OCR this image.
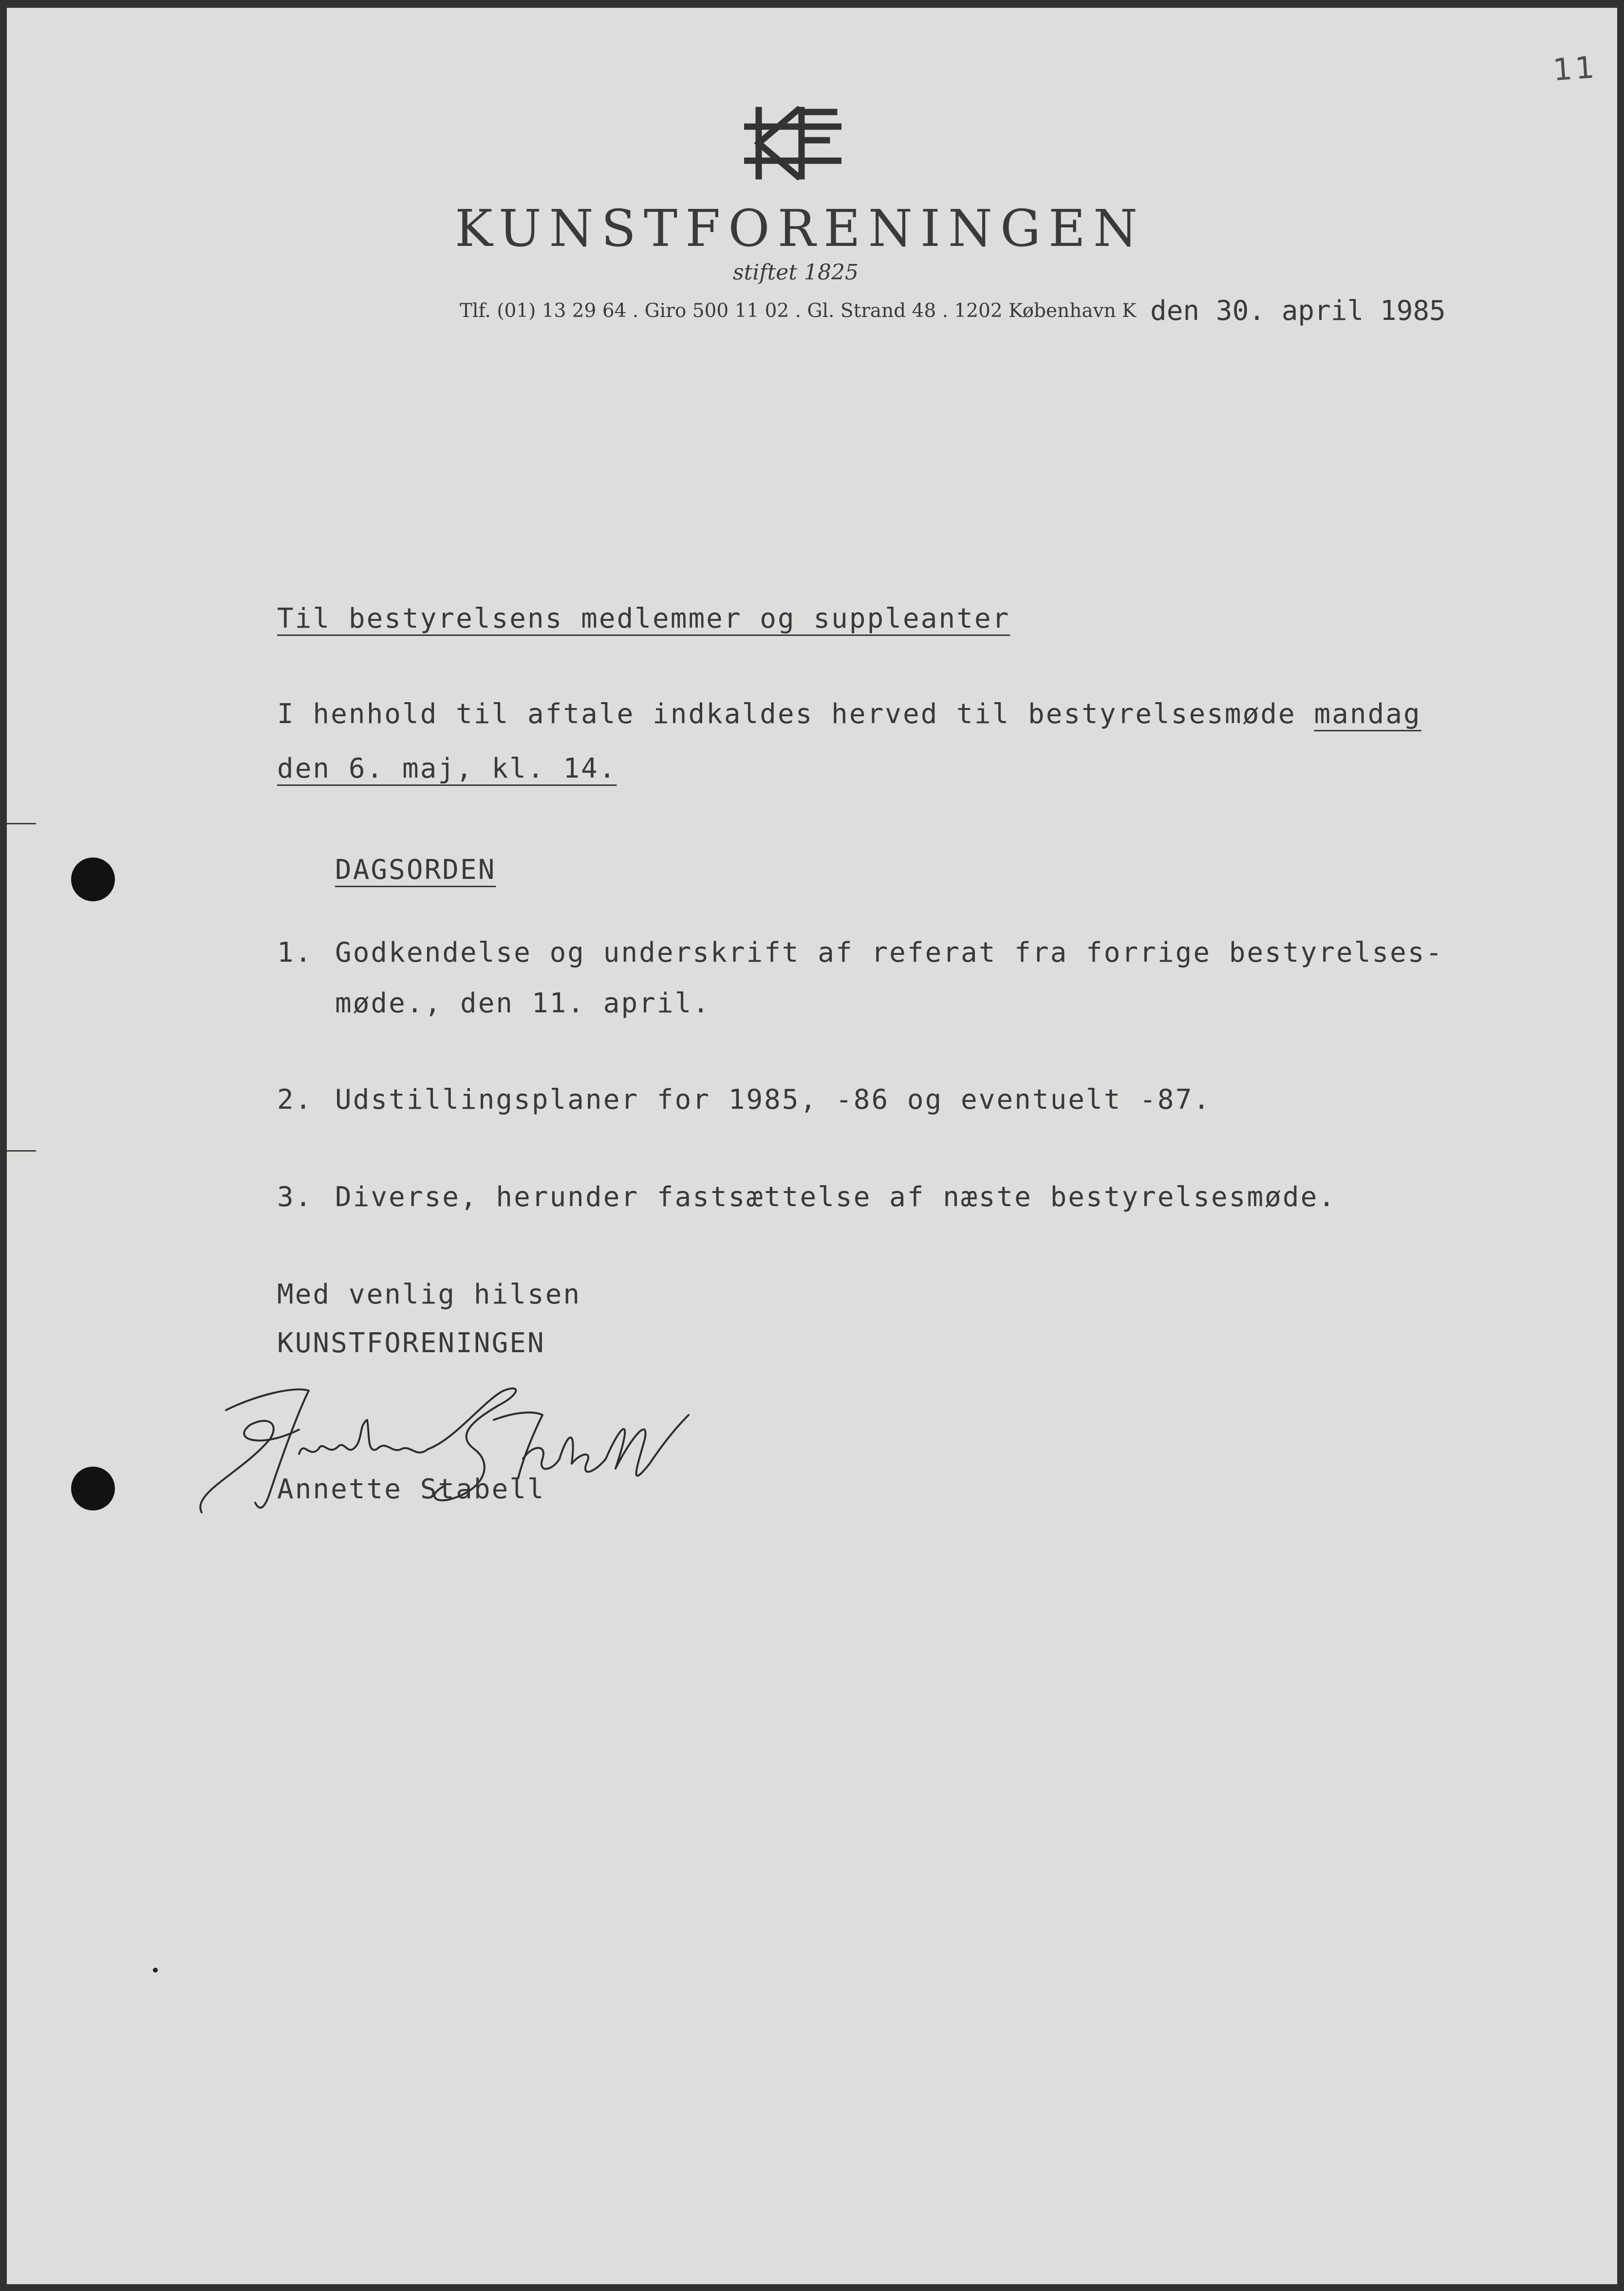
11
KUNSTFORENINGEN
stiftet 1825
Tlf. (01) 13 29 64 . Giro 500 11 02 . Gl. Strand 48 . 1202 København K den 30. april 1985
Til bestyrelsens medlemmer og suppleanter
I henhold til aftale indkaldes herved til bestyrelsesmøde mandag
den 6. maj, kl. 14.
DAGSORDEN
1. Godkendelse og underskrift af referat fra forrige bestyrelses-
møde., den 11. april.
2. Udstillingsplaner for 1985, -86 og eventuelt -87.
3. Diverse, herunder fastsættelse af næste bestyrelsesmøde.
Med venlig hilsen
KUNSTFORENINGEN
Annette Stabell
